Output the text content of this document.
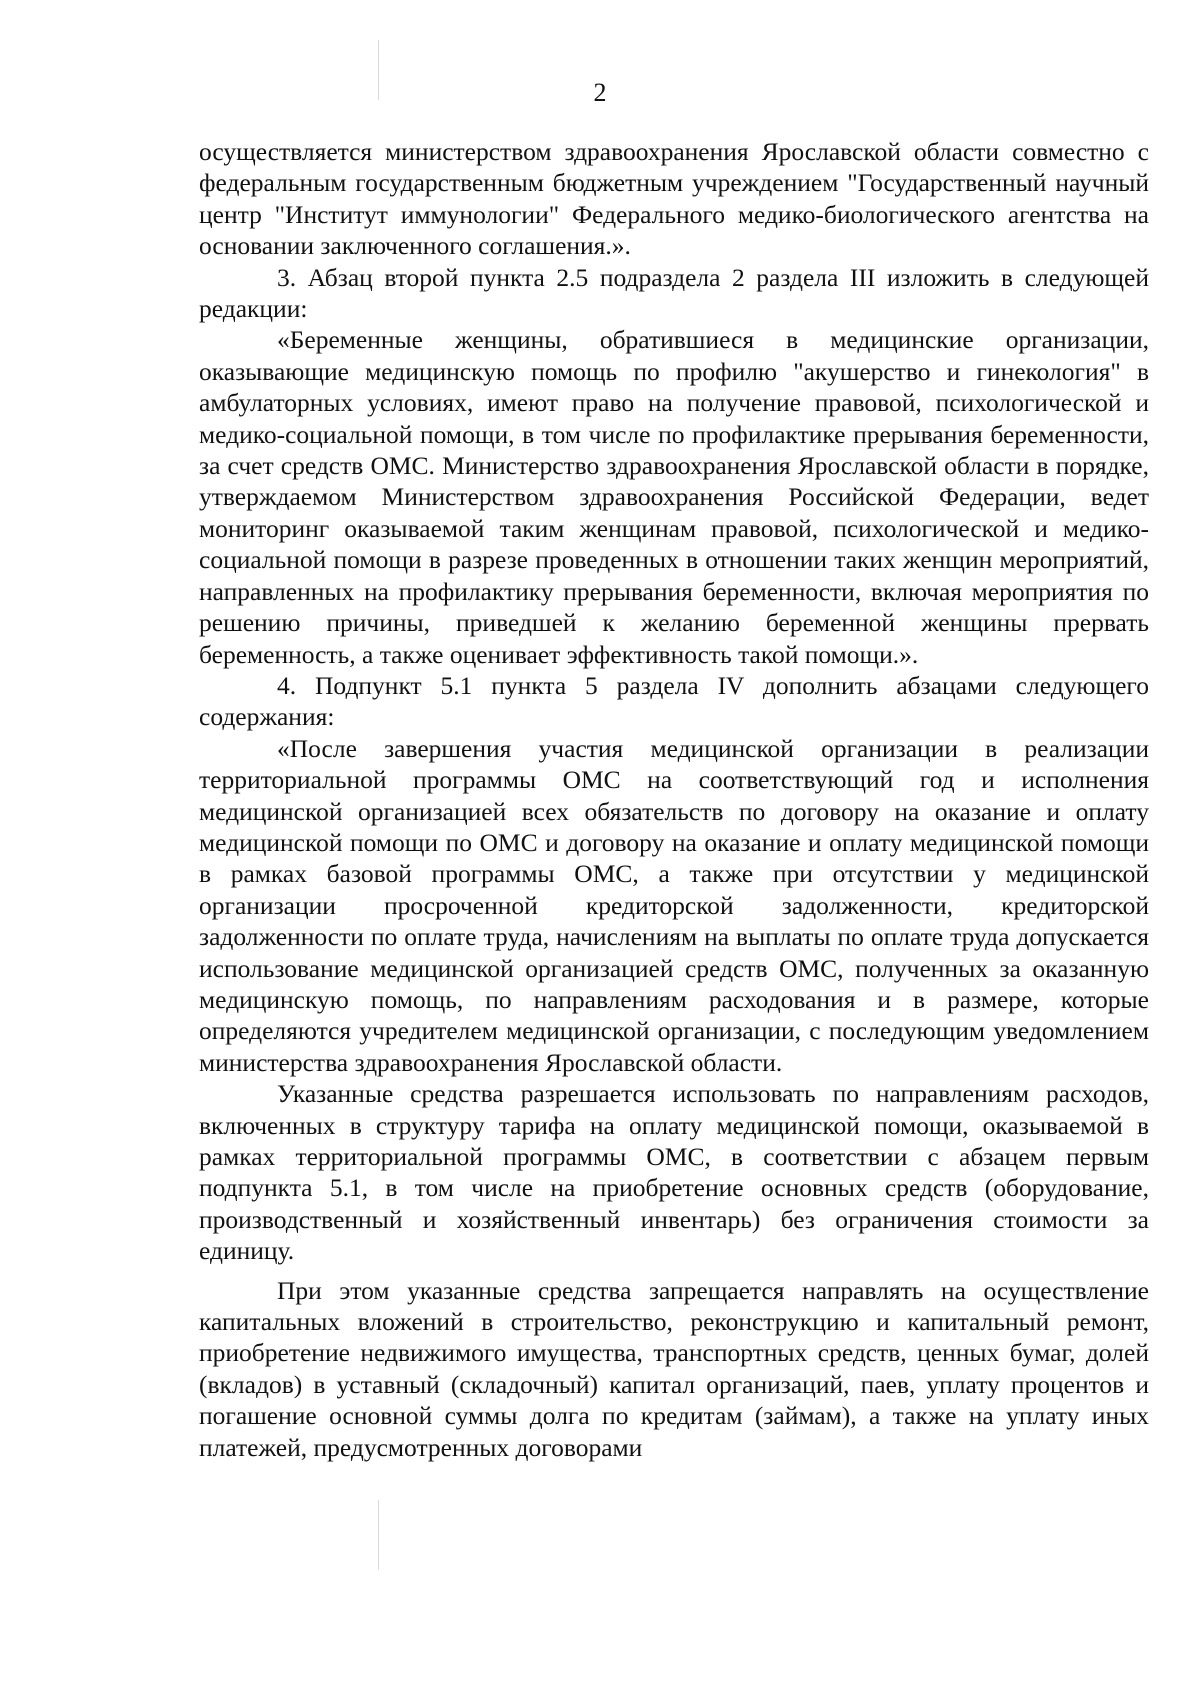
2

осуществляется министерством здравоохранения Ярославской области совместно с федеральным государственным бюджетным учреждением "Государственный научный центр "Институт иммунологии" Федерального медико-биологического агентства на основании заключенного соглашения.».

3. Абзац второй пункта 2.5 подраздела 2 раздела III изложить в следующей редакции:

«Беременные женщины, обратившиеся в медицинские организации, оказывающие медицинскую помощь по профилю "акушерство и гинекология" в амбулаторных условиях, имеют право на получение правовой, психологической и медико-социальной помощи, в том числе по профилактике прерывания беременности, за счет средств ОМС. Министерство здравоохранения Ярославской области в порядке, утверждаемом Министерством здравоохранения Российской Федерации, ведет мониторинг оказываемой таким женщинам правовой, психологической и медико-социальной помощи в разрезе проведенных в отношении таких женщин мероприятий, направленных на профилактику прерывания беременности, включая мероприятия по решению причины, приведшей к желанию беременной женщины прервать беременность, а также оценивает эффективность такой помощи.».

4. Подпункт 5.1 пункта 5 раздела IV дополнить абзацами следующего содержания:

«После завершения участия медицинской организации в реализации территориальной программы ОМС на соответствующий год и исполнения медицинской организацией всех обязательств по договору на оказание и оплату медицинской помощи по ОМС и договору на оказание и оплату медицинской помощи в рамках базовой программы ОМС, а также при отсутствии у медицинской организации просроченной кредиторской задолженности, кредиторской задолженности по оплате труда, начислениям на выплаты по оплате труда допускается использование медицинской организацией средств ОМС, полученных за оказанную медицинскую помощь, по направлениям расходования и в размере, которые определяются учредителем медицинской организации, с последующим уведомлением министерства здравоохранения Ярославской области.

Указанные средства разрешается использовать по направлениям расходов, включенных в структуру тарифа на оплату медицинской помощи, оказываемой в рамках территориальной программы ОМС, в соответствии с абзацем первым подпункта 5.1, в том числе на приобретение основных средств (оборудование, производственный и хозяйственный инвентарь) без ограничения стоимости за единицу.

При этом указанные средства запрещается направлять на осуществление капитальных вложений в строительство, реконструкцию и капитальный ремонт, приобретение недвижимого имущества, транспортных средств, ценных бумаг, долей (вкладов) в уставный (складочный) капитал организаций, паев, уплату процентов и погашение основной суммы долга по кредитам (займам), а также на уплату иных платежей, предусмотренных договорами
